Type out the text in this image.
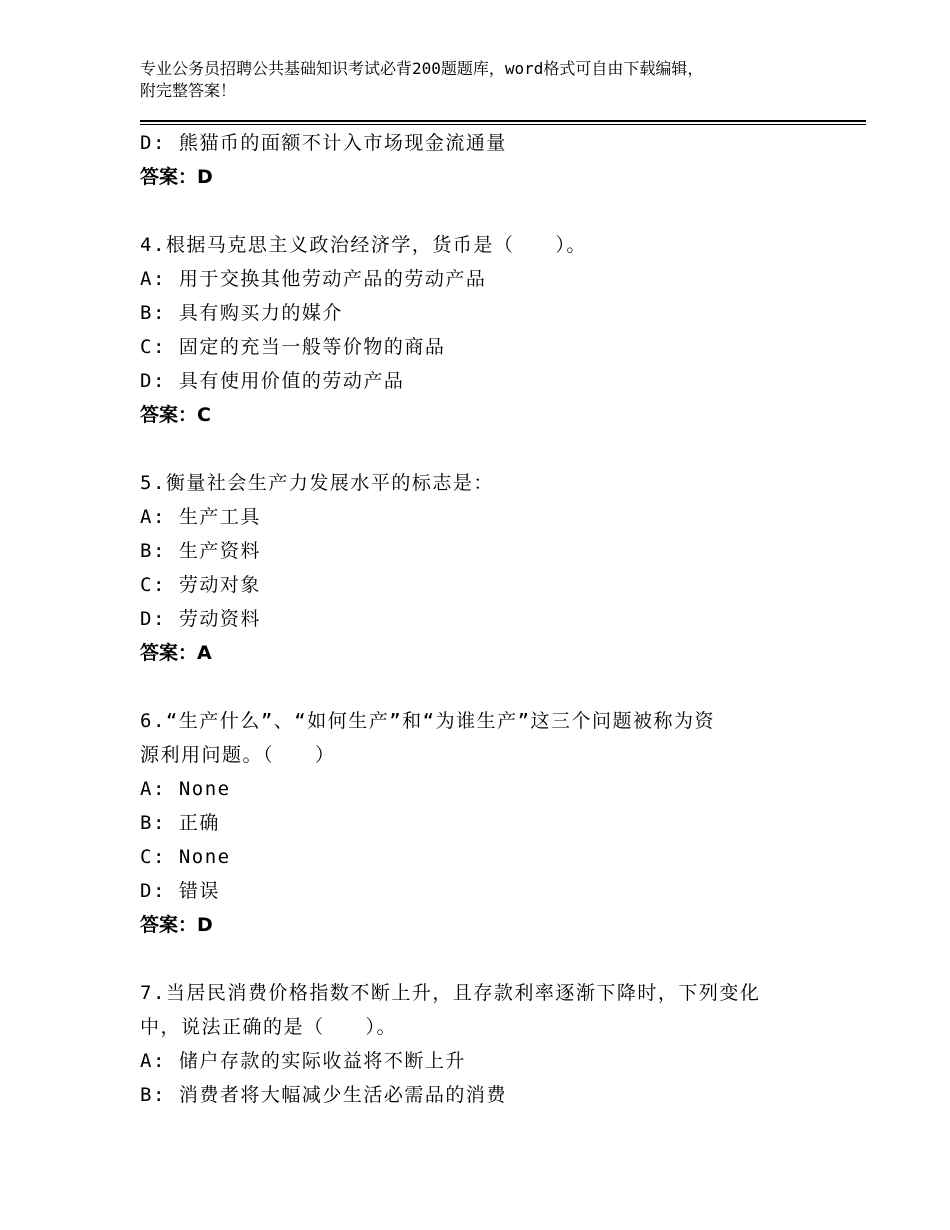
专业公务员招聘公共基础知识考试必背200题题库，word格式可自由下载编辑，
附完整答案！
D: 熊猫币的面额不计入市场现金流通量
答案：D
4.根据马克思主义政治经济学，货币是（　　）。
A: 用于交换其他劳动产品的劳动产品
B: 具有购买力的媒介
C: 固定的充当一般等价物的商品
D: 具有使用价值的劳动产品
答案：C
5.衡量社会生产力发展水平的标志是：
A: 生产工具
B: 生产资料
C: 劳动对象
D: 劳动资料
答案：A
6.“生产什么”、“如何生产”和“为谁生产”这三个问题被称为资
源利用问题。（　　）
A: None
B: 正确
C: None
D: 错误
答案：D
7.当居民消费价格指数不断上升，且存款利率逐渐下降时，下列变化
中，说法正确的是（　　）。
A: 储户存款的实际收益将不断上升
B: 消费者将大幅减少生活必需品的消费
